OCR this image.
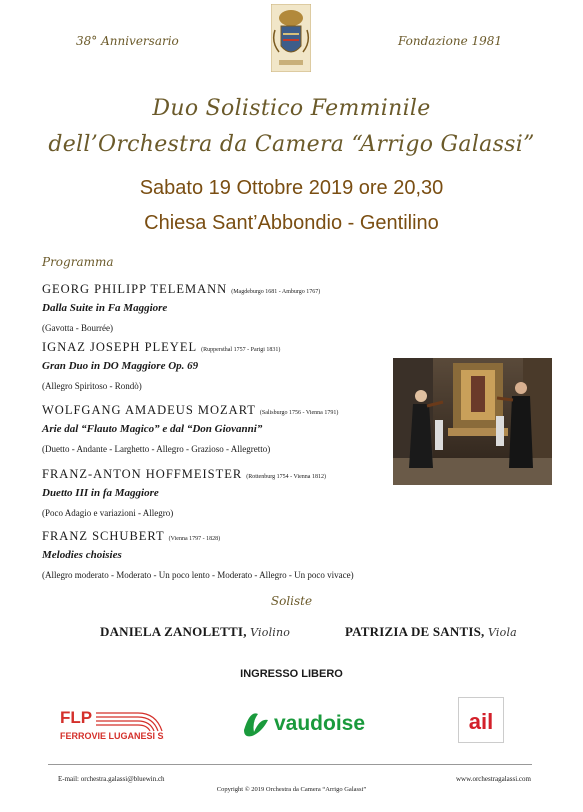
38° Anniversario	Fondazione 1981
Duo Solistico Femminile
dell’Orchestra da Camera “Arrigo Galassi”
Sabato 19 Ottobre 2019 ore 20,30
Chiesa Sant’Abbondio - Gentilino
Programma
GEORG PHILIPP TELEMANN (Magdeburgo 1681 - Amburgo 1767)
Dalla Suite in Fa Maggiore
(Gavotta - Bourrée)
IGNAZ JOSEPH PLEYEL (Ruppersthal 1757 - Parigi 1831)
Gran Duo in DO Maggiore Op. 69
(Allegro Spiritoso - Rondò)
WOLFGANG AMADEUS MOZART (Salisburgo 1756 - Vienna 1791)
Arie dal “Flauto Magico” e dal “Don Giovanni”
(Duetto - Andante - Larghetto - Allegro - Grazioso - Allegretto)
FRANZ-ANTON HOFFMEISTER (Rottenburg 1754 - Vienna 1812)
Duetto III in fa Maggiore
(Poco Adagio e variazioni - Allegro)
FRANZ SCHUBERT (Vienna 1797 - 1828)
Melodies choisies
(Allegro moderato - Moderato - Un poco lento - Moderato - Allegro - Un poco vivace)
Soliste
DANIELA ZANOLETTI, Violino	PATRIZIA DE SANTIS, Viola
INGRESSO LIBERO
FLP
FERROVIE LUGANESI SA
vaudoise	ail
E-mail: orchestra.galassi@bluewin.ch	www.orchestragalassi.com
Copyright © 2019 Orchestra da Camera “Arrigo Galassi”
